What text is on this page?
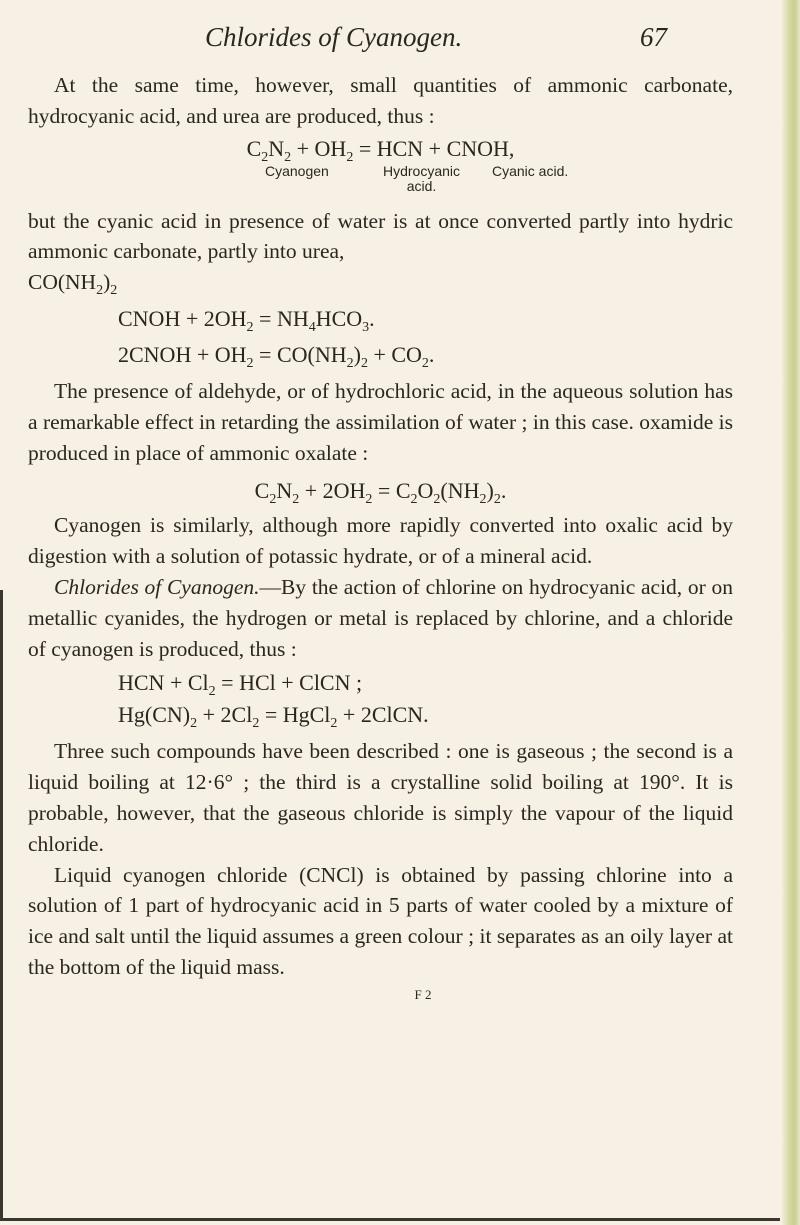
Chlorides of Cyanogen.	67

At the same time, however, small quantities of ammonic carbonate, hydrocyanic acid, and urea are produced, thus :

$C_2N_2 + OH_2$ = HCN + CNOH,
Cyanogen	Hydrocyanic
acid.
Cyanic acid.

but the cyanic acid in presence of water is at once converted partly into hydric ammonic carbonate, partly into urea,
$CO(NH_2)_2$

CNOH + $2OH_2 = NH_4HCO_3$.
2CNOH + $OH_2 = CO(NH_2)_2 + CO_2$.

The presence of aldehyde, or of hydrochloric acid, in the aqueous solution has a remarkable effect in retarding the assimilation of water ; in this case. oxamide is produced in place of ammonic oxalate :

$C_2N_2 + 2OH_2 = C_2O_2(NH_2)_2$.

Cyanogen is similarly, although more rapidly converted into oxalic acid by digestion with a solution of potassic hydrate, or of a mineral acid.

Chlorides of Cyanogen.—By the action of chlorine on hydrocyanic acid, or on metallic cyanides, the hydrogen or metal is replaced by chlorine, and a chloride of cyanogen is produced, thus :

HCN + $Cl_2$ = HCl + ClCN ;
$Hg(CN)_2 + 2Cl_2$ = HgCl$_2$ + 2ClCN.

Three such compounds have been described : one is gaseous ; the second is a liquid boiling at 12·6° ; the third is a crystalline solid boiling at 190°. It is probable, however, that the gaseous chloride is simply the vapour of the liquid chloride.

Liquid cyanogen chloride (CNCl) is obtained by passing chlorine into a solution of 1 part of hydrocyanic acid in 5 parts of water cooled by a mixture of ice and salt until the liquid assumes a green colour ; it separates as an oily layer at the bottom of the liquid mass.

F 2
